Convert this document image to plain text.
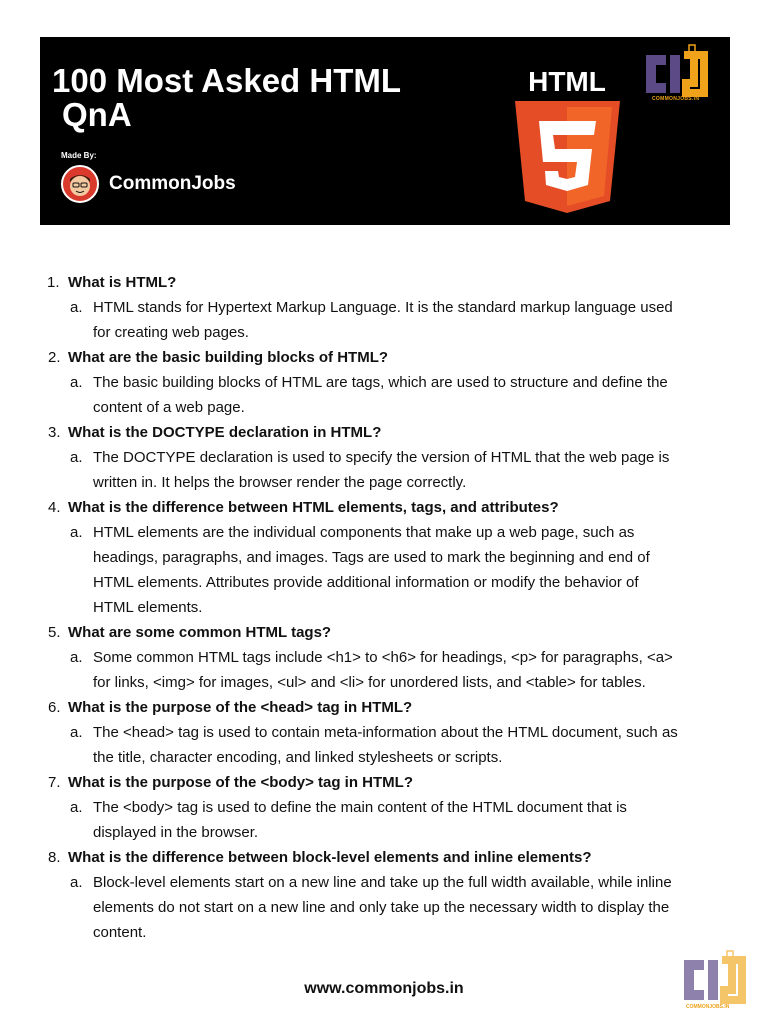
100 Most Asked HTML
QnA
Made By:
CommonJobs
HTML
COMMONJOBS.IN
1. What is HTML?
a. HTML stands for Hypertext Markup Language. It is the standard markup language used for creating web pages.
2. What are the basic building blocks of HTML?
a. The basic building blocks of HTML are tags, which are used to structure and define the content of a web page.
3. What is the DOCTYPE declaration in HTML?
a. The DOCTYPE declaration is used to specify the version of HTML that the web page is written in. It helps the browser render the page correctly.
4. What is the difference between HTML elements, tags, and attributes?
a. HTML elements are the individual components that make up a web page, such as headings, paragraphs, and images. Tags are used to mark the beginning and end of HTML elements. Attributes provide additional information or modify the behavior of HTML elements.
5. What are some common HTML tags?
a. Some common HTML tags include <h1> to <h6> for headings, <p> for paragraphs, <a> for links, <img> for images, <ul> and <li> for unordered lists, and <table> for tables.
6. What is the purpose of the <head> tag in HTML?
a. The <head> tag is used to contain meta-information about the HTML document, such as the title, character encoding, and linked stylesheets or scripts.
7. What is the purpose of the <body> tag in HTML?
a. The <body> tag is used to define the main content of the HTML document that is displayed in the browser.
8. What is the difference between block-level elements and inline elements?
a. Block-level elements start on a new line and take up the full width available, while inline elements do not start on a new line and only take up the necessary width to display the content.
COMMONJOBS.IN
www.commonjobs.in
